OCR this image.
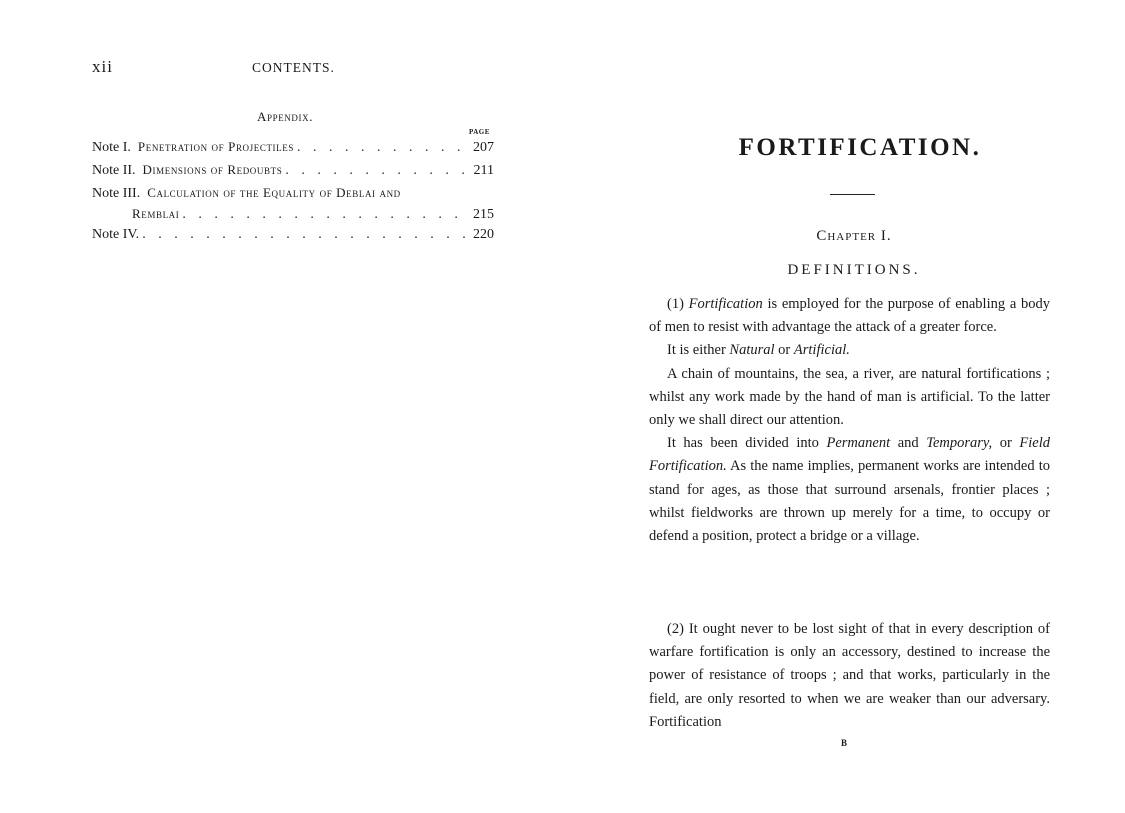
xii	CONTENTS.
Appendix.
PAGE
Note I. Penetration of Projectiles . . .	207
Note II. Dimensions of Redoubts . . .	211
Note III. Calculation of the Equality of Deblai and
Remblai . . .	215
Note IV. . . .	220
FORTIFICATION.
Chapter I.
DEFINITIONS.

(1) Fortification is employed for the purpose of enabling a body of men to resist with advantage the attack of a greater force.

It is either Natural or Artificial.

A chain of mountains, the sea, a river, are natural fortifications ; whilst any work made by the hand of man is artificial. To the latter only we shall direct our attention.

It has been divided into Permanent and Temporary, or Field Fortification. As the name implies, permanent works are intended to stand for ages, as those that surround arsenals, frontier places ; whilst fieldworks are thrown up merely for a time, to occupy or defend a position, protect a bridge or a village.

(2) It ought never to be lost sight of that in every description of warfare fortification is only an accessory, destined to increase the power of resistance of troops ; and that works, particularly in the field, are only resorted to when we are weaker than our adversary. Fortification

B
